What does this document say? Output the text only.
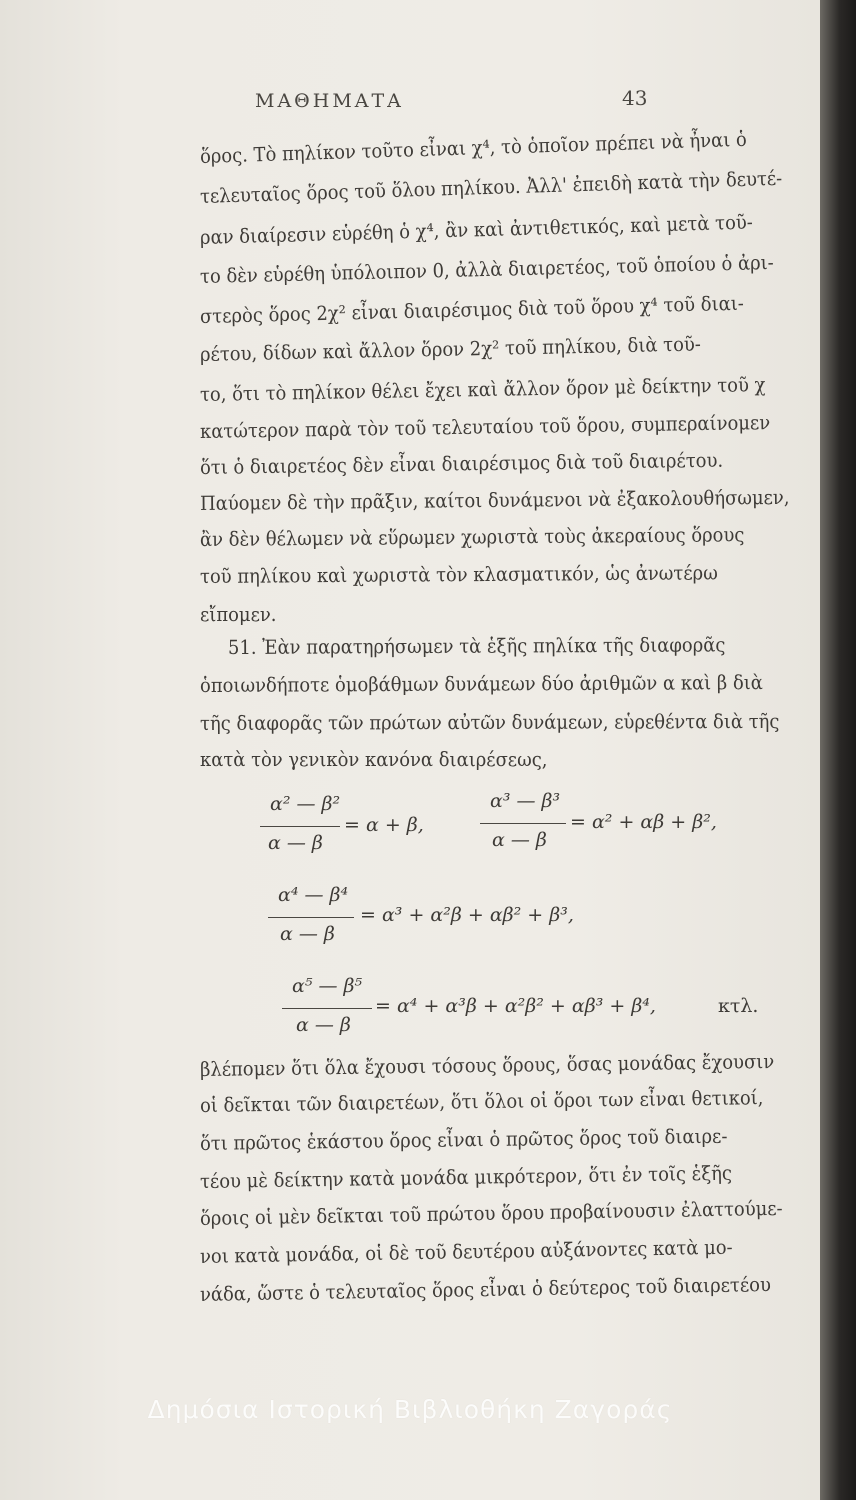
ΜΑΘΗΜΑΤΑ	43
ὅρος. Τὸ πηλίκον τοῦτο εἶναι χ⁴, τὸ ὁποῖον πρέπει νὰ ἦναι ὁ
τελευταῖος ὅρος τοῦ ὅλου πηλίκου. Ἀλλ' ἐπειδὴ κατὰ τὴν δευτέ-
ραν διαίρεσιν εὑρέθη ὁ χ⁴, ἂν καὶ ἀντιθετικός, καὶ μετὰ τοῦ-
το δὲν εὑρέθη ὑπόλοιπον 0, ἀλλὰ διαιρετέος, τοῦ ὁποίου ὁ ἀρι-
στερὸς ὅρος 2χ² εἶναι διαιρέσιμος διὰ τοῦ ὅρου χ⁴ τοῦ διαι-
ρέτου, δίδων καὶ ἄλλον ὅρον 2χ² τοῦ πηλίκου, διὰ τοῦ-
το, ὅτι τὸ πηλίκον θέλει ἔχει καὶ ἄλλον ὅρον μὲ δείκτην τοῦ χ
κατώτερον παρὰ τὸν τοῦ τελευταίου τοῦ ὅρου, συμπεραίνομεν
ὅτι ὁ διαιρετέος δὲν εἶναι διαιρέσιμος διὰ τοῦ διαιρέτου.
Παύομεν δὲ τὴν πρᾶξιν, καίτοι δυνάμενοι νὰ ἐξακολουθήσωμεν,
ἂν δὲν θέλωμεν νὰ εὕρωμεν χωριστὰ τοὺς ἀκεραίους ὅρους
τοῦ πηλίκου καὶ χωριστὰ τὸν κλασματικόν, ὡς ἀνωτέρω
εἴπομεν.
51. Ἐὰν παρατηρήσωμεν τὰ ἑξῆς πηλίκα τῆς διαφορᾶς
ὁποιωνδήποτε ὁμοβάθμων δυνάμεων δύο ἀριθμῶν α καὶ β διὰ
τῆς διαφορᾶς τῶν πρώτων αὐτῶν δυνάμεων, εὑρεθέντα διὰ τῆς
κατὰ τὸν γενικὸν κανόνα διαιρέσεως,
α² — β²
α — β
= α + β,
α³ — β³
α — β
= α² + αβ + β²,
α⁴ — β⁴
α — β
= α³ + α²β + αβ² + β³,
α⁵ — β⁵
α — β
= α⁴ + α³β + α²β² + αβ³ + β⁴,	κτλ.
βλέπομεν ὅτι ὅλα ἔχουσι τόσους ὅρους, ὅσας μονάδας ἔχουσιν
οἱ δεῖκται τῶν διαιρετέων, ὅτι ὅλοι οἱ ὅροι των εἶναι θετικοί,
ὅτι πρῶτος ἑκάστου ὅρος εἶναι ὁ πρῶτος ὅρος τοῦ διαιρε-
τέου μὲ δείκτην κατὰ μονάδα μικρότερον, ὅτι ἐν τοῖς ἑξῆς
ὅροις οἱ μὲν δεῖκται τοῦ πρώτου ὅρου προβαίνουσιν ἐλαττούμε-
νοι κατὰ μονάδα, οἱ δὲ τοῦ δευτέρου αὐξάνοντες κατὰ μο-
νάδα, ὥστε ὁ τελευταῖος ὅρος εἶναι ὁ δεύτερος τοῦ διαιρετέου
Δημόσια Ιστορική Βιβλιοθήκη Ζαγοράς
